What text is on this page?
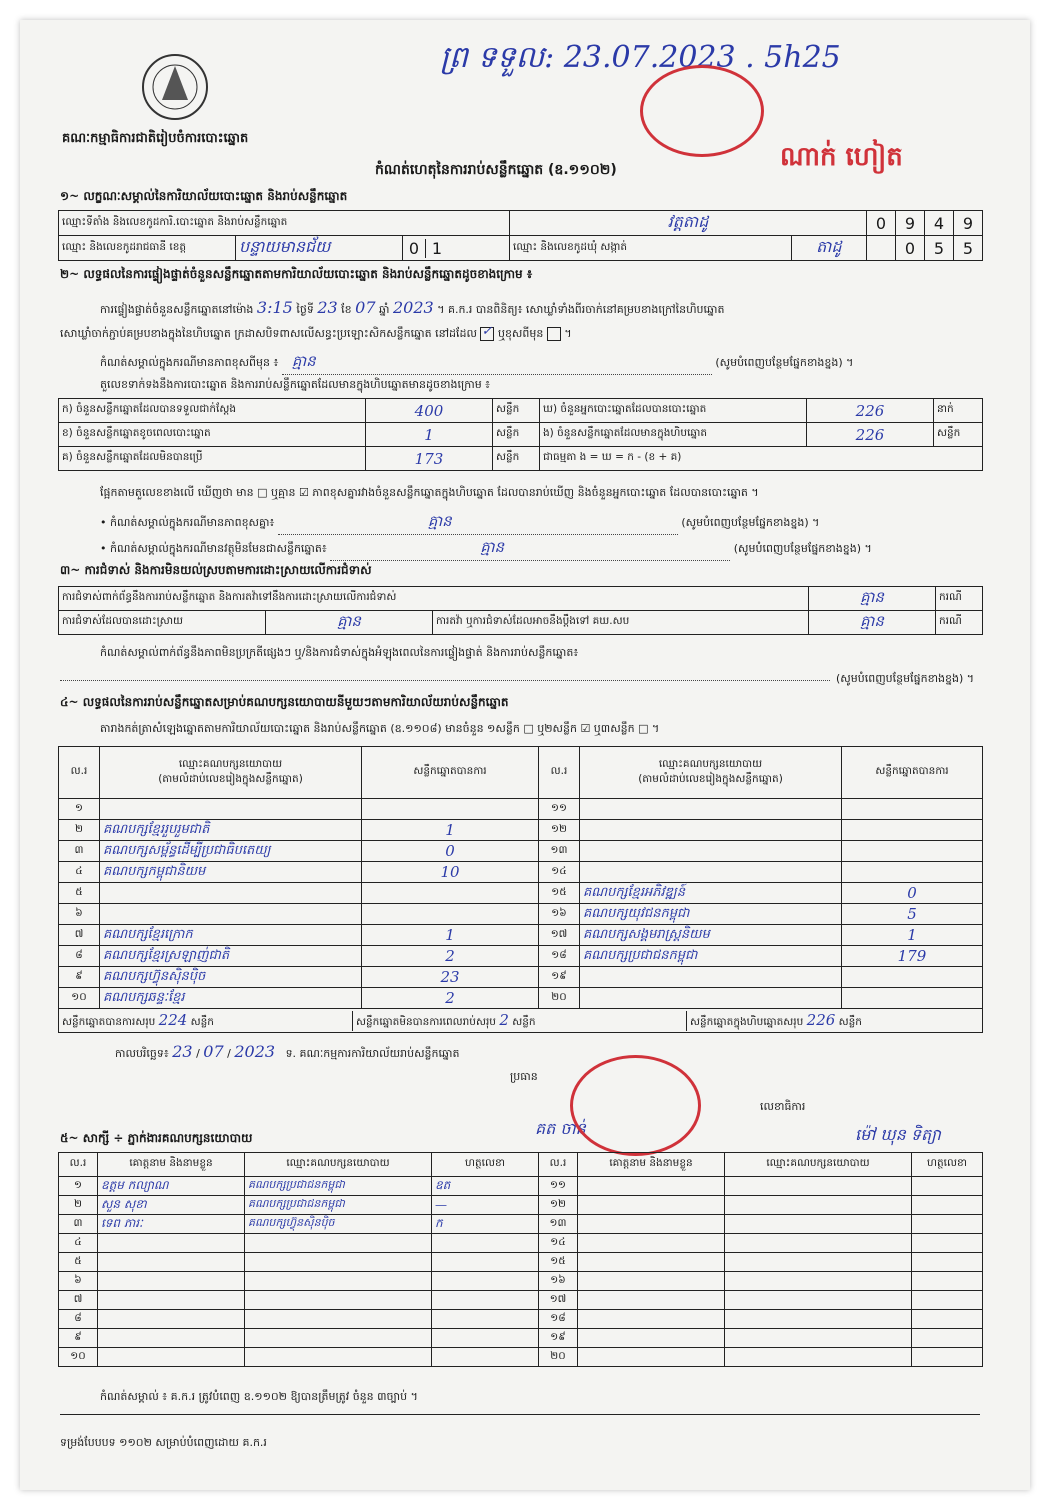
ព្រ ទទួល: 23.07.2023 . 5h25
គណៈកម្មាធិការជាតិរៀបចំការបោះឆ្នោត
ណាក់ ហៀត
កំណត់ហេតុនៃការរាប់សន្លឹកឆ្នោត (ឧ.១១០២)
១~ លក្ខណៈសម្គាល់នៃការិយាល័យបោះឆ្នោត និងរាប់សន្លឹកឆ្នោត
ឈ្មោះទីតាំង និងលេខកូដការិ.បោះឆ្នោត និងរាប់សន្លឹកឆ្នោត			វត្តតាដូ		0	9	4	9
ឈ្មោះ និងលេខកូដរាជធានី ខេត្ត	បន្ទាយមានជ័យ	0 1	ឈ្មោះ និងលេខកូដឃុំ សង្កាត់	តាដូ		0	5	5
២~ លទ្ធផលនៃការផ្ទៀងផ្ទាត់ចំនួនសន្លឹកឆ្នោតតាមការិយាល័យបោះឆ្នោត និងរាប់សន្លឹកឆ្នោតដូចខាងក្រោម ៖
ការផ្ទៀងផ្ទាត់ចំនួនសន្លឹកឆ្នោតនៅម៉ោង 3:15 ថ្ងៃទី 23 ខែ 07 ឆ្នាំ 2023 ។ គ.ក.រ បានពិនិត្យ៖ សោឃ្លាំទាំងពីរចាក់នៅគម្របខាងក្រៅនៃហិបឆ្នោត
សោឃ្លាំចាក់ភ្ជាប់គម្របខាងក្នុងនៃហិបឆ្នោត ក្រដាសបិទពាសលើសន្ធះប្រឡោះសិកសន្លឹកឆ្នោត នៅដដែល ✓ ឬខុសពីមុន  ។
កំណត់សម្គាល់ក្នុងករណីមានភាពខុសពីមុន ៖ គ្មាន	(សូមបំពេញបន្ថែមផ្នែកខាងខ្នង) ។
តួលេខទាក់ទងនឹងការបោះឆ្នោត និងការរាប់សន្លឹកឆ្នោតដែលមានក្នុងហិបឆ្នោតមានដូចខាងក្រោម ៖
ក) ចំនួនសន្លឹកឆ្នោតដែលបានទទួលជាក់ស្តែង	400	សន្លឹក	ឃ) ចំនួនអ្នកបោះឆ្នោតដែលបានបោះឆ្នោត	226	នាក់
ខ) ចំនួនសន្លឹកឆ្នោតខូចពេលបោះឆ្នោត	1	សន្លឹក	ង) ចំនួនសន្លឹកឆ្នោតដែលមានក្នុងហិបឆ្នោត	226	សន្លឹក
គ) ចំនួនសន្លឹកឆ្នោតដែលមិនបានប្រើ	173	សន្លឹក	ជាធម្មតា ង = ឃ = ក - (ខ + គ)		
ផ្អែកតាមតួលេខខាងលើ ឃើញថា មាន □ ឬគ្មាន ☑ ភាពខុសគ្នារវាងចំនួនសន្លឹកឆ្នោតក្នុងហិបឆ្នោត ដែលបានរាប់ឃើញ និងចំនួនអ្នកបោះឆ្នោត ដែលបានបោះឆ្នោត ។
• កំណត់សម្គាល់ក្នុងករណីមានភាពខុសគ្នា៖	គ្មាន	(សូមបំពេញបន្ថែមផ្នែកខាងខ្នង) ។
• កំណត់សម្គាល់ក្នុងករណីមានវត្ថុមិនមែនជាសន្លឹកឆ្នោត៖	គ្មាន	(សូមបំពេញបន្ថែមផ្នែកខាងខ្នង) ។
៣~ ការជំទាស់ និងការមិនយល់ស្របតាមការដោះស្រាយលើការជំទាស់
ការជំទាស់ពាក់ព័ន្ធនឹងការរាប់សន្លឹកឆ្នោត និងការតវ៉ាទៅនឹងការដោះស្រាយលើការជំទាស់			គ្មាន	ករណី
ការជំទាស់ដែលបានដោះស្រាយ	គ្មាន	ការតវ៉ា ឬការជំទាស់ដែលអាចនឹងប្តឹងទៅ គឃ.សប	គ្មាន	ករណី
កំណត់សម្គាល់ពាក់ព័ន្ធនឹងភាពមិនប្រក្រតីផ្សេងៗ ឬ/និងការជំទាស់ក្នុងអំឡុងពេលនៃការផ្ទៀងផ្ទាត់ និងការរាប់សន្លឹកឆ្នោត៖
(សូមបំពេញបន្ថែមផ្នែកខាងខ្នង) ។
៤~ លទ្ធផលនៃការរាប់សន្លឹកឆ្នោតសម្រាប់គណបក្សនយោបាយនីមួយៗតាមការិយាល័យរាប់សន្លឹកឆ្នោត
តារាងកត់ត្រាសំឡេងឆ្នោតតាមការិយាល័យបោះឆ្នោត និងរាប់សន្លឹកឆ្នោត (ឧ.១១០៨) មានចំនួន ១សន្លឹក □ ឬ២សន្លឹក ☑ ឬ៣សន្លឹក □ ។
ល.រ	ឈ្មោះគណបក្សនយោបាយ
(តាមលំដាប់លេខរៀងក្នុងសន្លឹកឆ្នោត)	សន្លឹកឆ្នោតបានការ	ល.រ	ឈ្មោះគណបក្សនយោបាយ
(តាមលំដាប់លេខរៀងក្នុងសន្លឹកឆ្នោត)	សន្លឹកឆ្នោតបានការ
១			១១		
២	គណបក្សខ្មែររួបរួមជាតិ	1	១២		
៣	គណបក្សសម្ព័ន្ធដើម្បីប្រជាធិបតេយ្យ	0	១៣		
៤	គណបក្សកម្ពុជានិយម	10	១៤		
៥			១៥	គណបក្សខ្មែរអភិវឌ្ឍន៍	0
៦			១៦	គណបក្សយុវជនកម្ពុជា	5
៧	គណបក្សខ្មែរក្រោក	1	១៧	គណបក្សសង្គមរាស្ត្រនិយម	1
៨	គណបក្សខ្មែរស្រឡាញ់ជាតិ	2	១៨	គណបក្សប្រជាជនកម្ពុជា	179
៩	គណបក្សហ៊្វុនស៊ិនប៉ិច	23	១៩		
១០	គណបក្សឆន្ទៈខ្មែរ	2	២០		
សន្លឹកឆ្នោតបានការសរុប 224 សន្លឹក សន្លឹកឆ្នោតមិនបានការពេលរាប់សរុប 2 សន្លឹក សន្លឹកឆ្នោតក្នុងហិបឆ្នោតសរុប 226 សន្លឹក					
កាលបរិច្ឆេទ៖ 23 / 07 / 2023 ទ. គណៈកម្មការការិយាល័យរាប់សន្លឹកឆ្នោត
ប្រធាន
គត ចាន់
លេខាធិការ
ម៉ៅ ឃុន ទិត្យា
៥~ សាក្សី ÷ ភ្នាក់ងារគណបក្សនយោបាយ
ល.រ	គោត្តនាម និងនាមខ្លួន	ឈ្មោះគណបក្សនយោបាយ	ហត្ថលេខា	ល.រ	គោត្តនាម និងនាមខ្លួន	ឈ្មោះគណបក្សនយោបាយ	ហត្ថលេខា
១	ឧត្តម កល្យាណ	គណបក្សប្រជាជនកម្ពុជា	ឧត	១១			
២	សួន សុខា	គណបក្សប្រជាជនកម្ពុជា	—	១២			
៣	ទេព ភារៈ	គណបក្សហ៊្វុនស៊ិនប៉ិច	ក	១៣			
៤				១៤			
៥				១៥			
៦				១៦			
៧				១៧			
៨				១៨			
៩				១៩			
១០				២០			
កំណត់សម្គាល់ ៖ គ.ក.រ ត្រូវបំពេញ ឧ.១១០២ ឱ្យបានត្រឹមត្រូវ ចំនួន ៣ច្បាប់ ។
ទម្រង់បែបបទ ១១០២ សម្រាប់បំពេញដោយ គ.ក.រ
